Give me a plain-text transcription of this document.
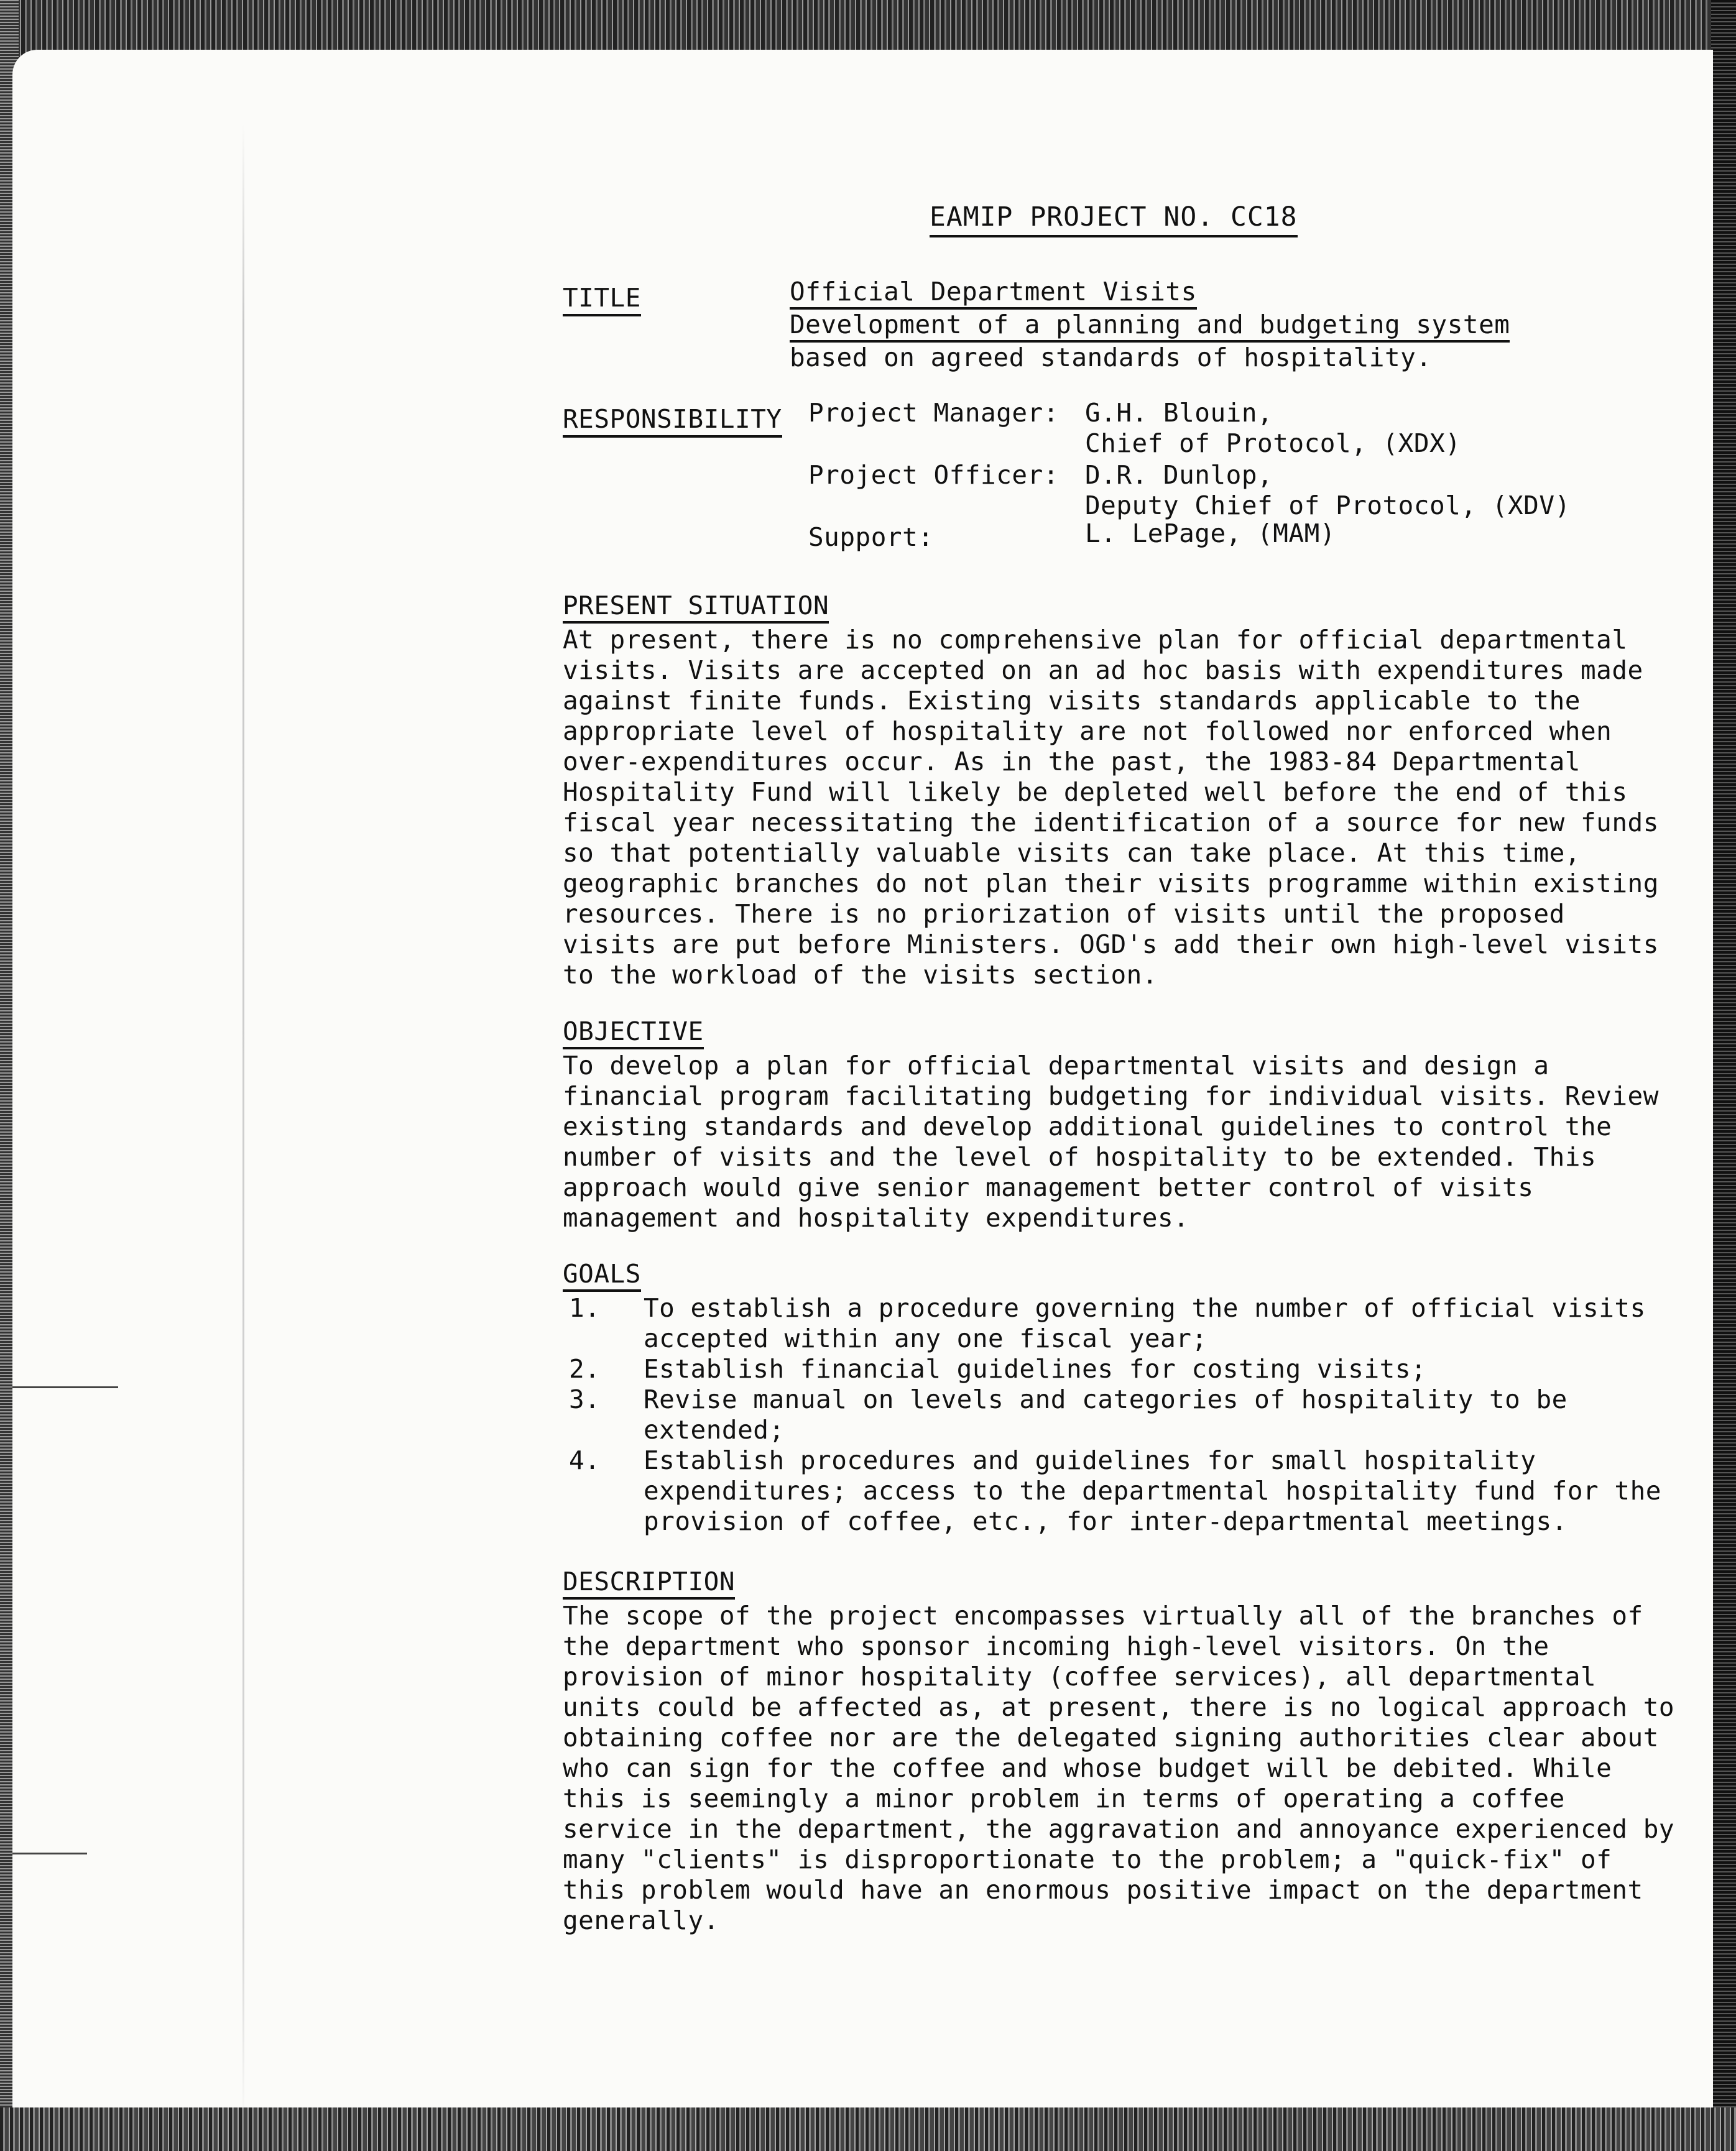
EAMIP PROJECT NO. CC18
TITLE	Official Department Visits
Development of a planning and budgeting system
based on agreed standards of hospitality.
RESPONSIBILITY Project Manager: G.H. Blouin,
Chief of Protocol, (XDX)
Project Officer: D.R. Dunlop,
Deputy Chief of Protocol, (XDV)
Support:	L. LePage, (MAM)
PRESENT SITUATION

At present, there is no comprehensive plan for official departmental
visits. Visits are accepted on an ad hoc basis with expenditures made
against finite funds. Existing visits standards applicable to the
appropriate level of hospitality are not followed nor enforced when
over-expenditures occur. As in the past, the 1983-84 Departmental
Hospitality Fund will likely be depleted well before the end of this
fiscal year necessitating the identification of a source for new funds
so that potentially valuable visits can take place. At this time,
geographic branches do not plan their visits programme within existing
resources. There is no priorization of visits until the proposed
visits are put before Ministers. OGD's add their own high-level visits
to the workload of the visits section.

OBJECTIVE

To develop a plan for official departmental visits and design a
financial program facilitating budgeting for individual visits. Review
existing standards and develop additional guidelines to control the
number of visits and the level of hospitality to be extended. This
approach would give senior management better control of visits
management and hospitality expenditures.

GOALS
1. To establish a procedure governing the number of official visits
accepted within any one fiscal year;
2. Establish financial guidelines for costing visits;
3. Revise manual on levels and categories of hospitality to be
extended;
4. Establish procedures and guidelines for small hospitality
expenditures; access to the departmental hospitality fund for the
provision of coffee, etc., for inter-departmental meetings.
DESCRIPTION

The scope of the project encompasses virtually all of the branches of
the department who sponsor incoming high-level visitors. On the
provision of minor hospitality (coffee services), all departmental
units could be affected as, at present, there is no logical approach to
obtaining coffee nor are the delegated signing authorities clear about
who can sign for the coffee and whose budget will be debited. While
this is seemingly a minor problem in terms of operating a coffee
service in the department, the aggravation and annoyance experienced by
many "clients" is disproportionate to the problem; a "quick-fix" of
this problem would have an enormous positive impact on the department
generally.
